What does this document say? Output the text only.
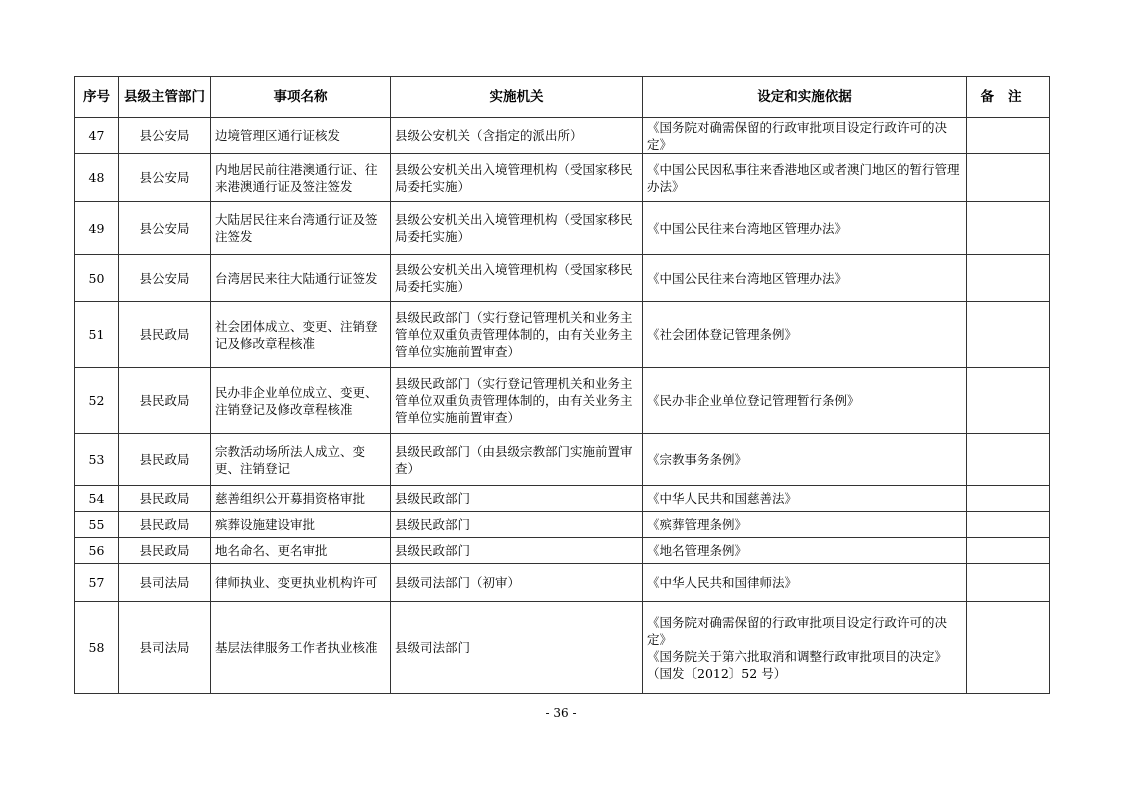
序号	县级主管部门	事项名称	实施机关	设定和实施依据	备注
47	县公安局	边境管理区通行证核发	县级公安机关（含指定的派出所）	《国务院对确需保留的行政审批项目设定行政许可的决定》	
48	县公安局	内地居民前往港澳通行证、往来港澳通行证及签注签发	县级公安机关出入境管理机构（受国家移民局委托实施）	《中国公民因私事往来香港地区或者澳门地区的暂行管理办法》	
49	县公安局	大陆居民往来台湾通行证及签注签发	县级公安机关出入境管理机构（受国家移民局委托实施）	《中国公民往来台湾地区管理办法》	
50	县公安局	台湾居民来往大陆通行证签发	县级公安机关出入境管理机构（受国家移民局委托实施）	《中国公民往来台湾地区管理办法》	
51	县民政局	社会团体成立、变更、注销登记及修改章程核准	县级民政部门（实行登记管理机关和业务主管单位双重负责管理体制的，由有关业务主管单位实施前置审查）	《社会团体登记管理条例》	
52	县民政局	民办非企业单位成立、变更、注销登记及修改章程核准	县级民政部门（实行登记管理机关和业务主管单位双重负责管理体制的，由有关业务主管单位实施前置审查）	《民办非企业单位登记管理暂行条例》	
53	县民政局	宗教活动场所法人成立、变更、注销登记	县级民政部门（由县级宗教部门实施前置审查）	《宗教事务条例》	
54	县民政局	慈善组织公开募捐资格审批	县级民政部门	《中华人民共和国慈善法》	
55	县民政局	殡葬设施建设审批	县级民政部门	《殡葬管理条例》	
56	县民政局	地名命名、更名审批	县级民政部门	《地名管理条例》	
57	县司法局	律师执业、变更执业机构许可	县级司法部门（初审）	《中华人民共和国律师法》	
58	县司法局	基层法律服务工作者执业核准	县级司法部门	《国务院对确需保留的行政审批项目设定行政许可的决定》
《国务院关于第六批取消和调整行政审批项目的决定》（国发〔2012〕52 号）	
- 36 -
